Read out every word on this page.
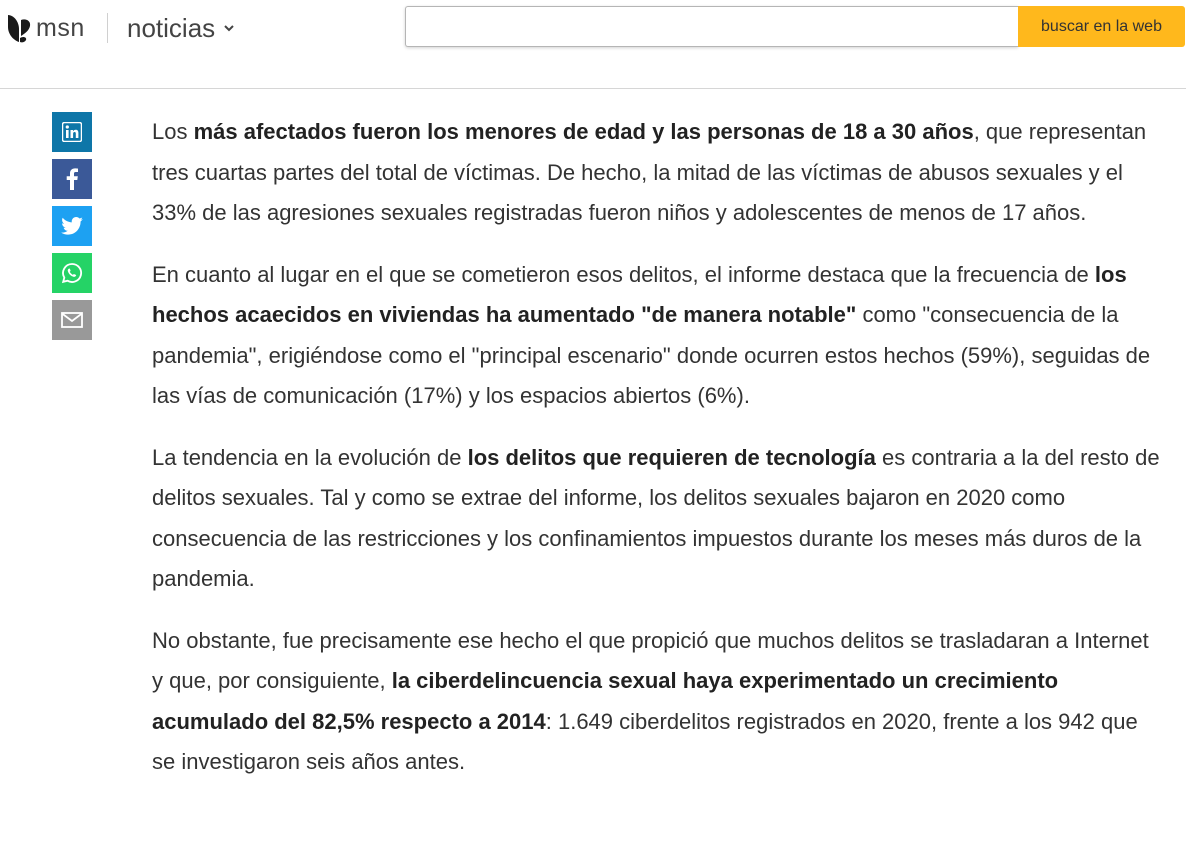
msn noticias	buscar en la web

Los más afectados fueron los menores de edad y las personas de 18 a 30 años, que representan tres cuartas partes del total de víctimas. De hecho, la mitad de las víctimas de abusos sexuales y el 33% de las agresiones sexuales registradas fueron niños y adolescentes de menos de 17 años.

En cuanto al lugar en el que se cometieron esos delitos, el informe destaca que la frecuencia de los hechos acaecidos en viviendas ha aumentado "de manera notable" como "consecuencia de la pandemia", erigiéndose como el "principal escenario" donde ocurren estos hechos (59%), seguidas de las vías de comunicación (17%) y los espacios abiertos (6%).

La tendencia en la evolución de los delitos que requieren de tecnología es contraria a la del resto de delitos sexuales. Tal y como se extrae del informe, los delitos sexuales bajaron en 2020 como consecuencia de las restricciones y los confinamientos impuestos durante los meses más duros de la pandemia.

No obstante, fue precisamente ese hecho el que propició que muchos delitos se trasladaran a Internet y que, por consiguiente, la ciberdelincuencia sexual haya experimentado un crecimiento acumulado del 82,5% respecto a 2014: 1.649 ciberdelitos registrados en 2020, frente a los 942 que se investigaron seis años antes.
